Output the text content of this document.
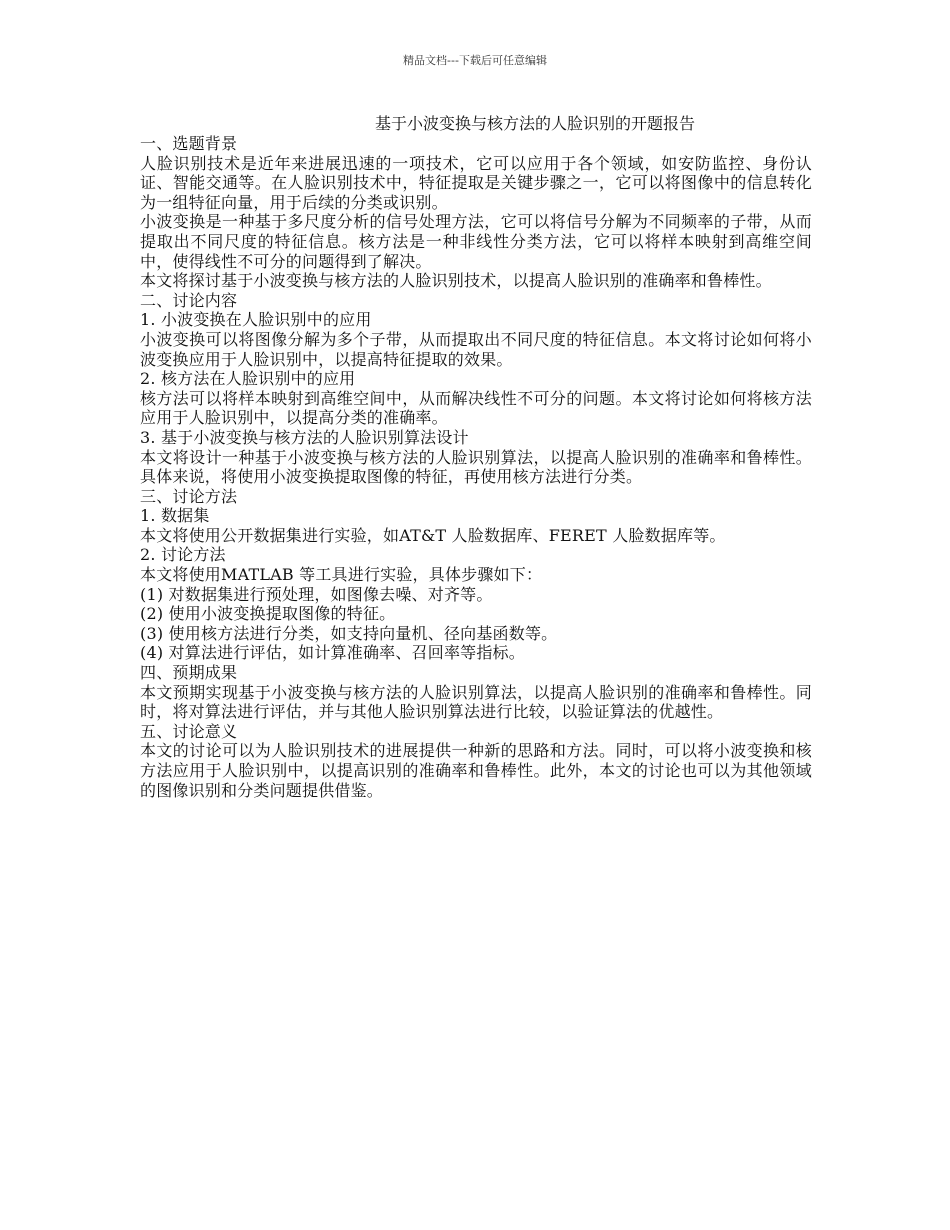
精品文档---下载后可任意编辑
基于小波变换与核方法的人脸识别的开题报告

一、选题背景

人脸识别技术是近年来进展迅速的一项技术，它可以应用于各个领域，如安防监控、身份认证、智能交通等。在人脸识别技术中，特征提取是关键步骤之一，它可以将图像中的信息转化为一组特征向量，用于后续的分类或识别。

小波变换是一种基于多尺度分析的信号处理方法，它可以将信号分解为不同频率的子带，从而提取出不同尺度的特征信息。核方法是一种非线性分类方法，它可以将样本映射到高维空间中，使得线性不可分的问题得到了解决。

本文将探讨基于小波变换与核方法的人脸识别技术，以提高人脸识别的准确率和鲁棒性。

二、讨论内容

1. 小波变换在人脸识别中的应用

小波变换可以将图像分解为多个子带，从而提取出不同尺度的特征信息。本文将讨论如何将小波变换应用于人脸识别中，以提高特征提取的效果。

2. 核方法在人脸识别中的应用

核方法可以将样本映射到高维空间中，从而解决线性不可分的问题。本文将讨论如何将核方法应用于人脸识别中，以提高分类的准确率。

3. 基于小波变换与核方法的人脸识别算法设计

本文将设计一种基于小波变换与核方法的人脸识别算法，以提高人脸识别的准确率和鲁棒性。具体来说，将使用小波变换提取图像的特征，再使用核方法进行分类。

三、讨论方法

1. 数据集

本文将使用公开数据集进行实验，如AT&T 人脸数据库、FERET 人脸数据库等。

2. 讨论方法

本文将使用MATLAB 等工具进行实验，具体步骤如下：

(1) 对数据集进行预处理，如图像去噪、对齐等。

(2) 使用小波变换提取图像的特征。

(3) 使用核方法进行分类，如支持向量机、径向基函数等。

(4) 对算法进行评估，如计算准确率、召回率等指标。

四、预期成果

本文预期实现基于小波变换与核方法的人脸识别算法，以提高人脸识别的准确率和鲁棒性。同时，将对算法进行评估，并与其他人脸识别算法进行比较，以验证算法的优越性。

五、讨论意义

本文的讨论可以为人脸识别技术的进展提供一种新的思路和方法。同时，可以将小波变换和核方法应用于人脸识别中，以提高识别的准确率和鲁棒性。此外，本文的讨论也可以为其他领域的图像识别和分类问题提供借鉴。
